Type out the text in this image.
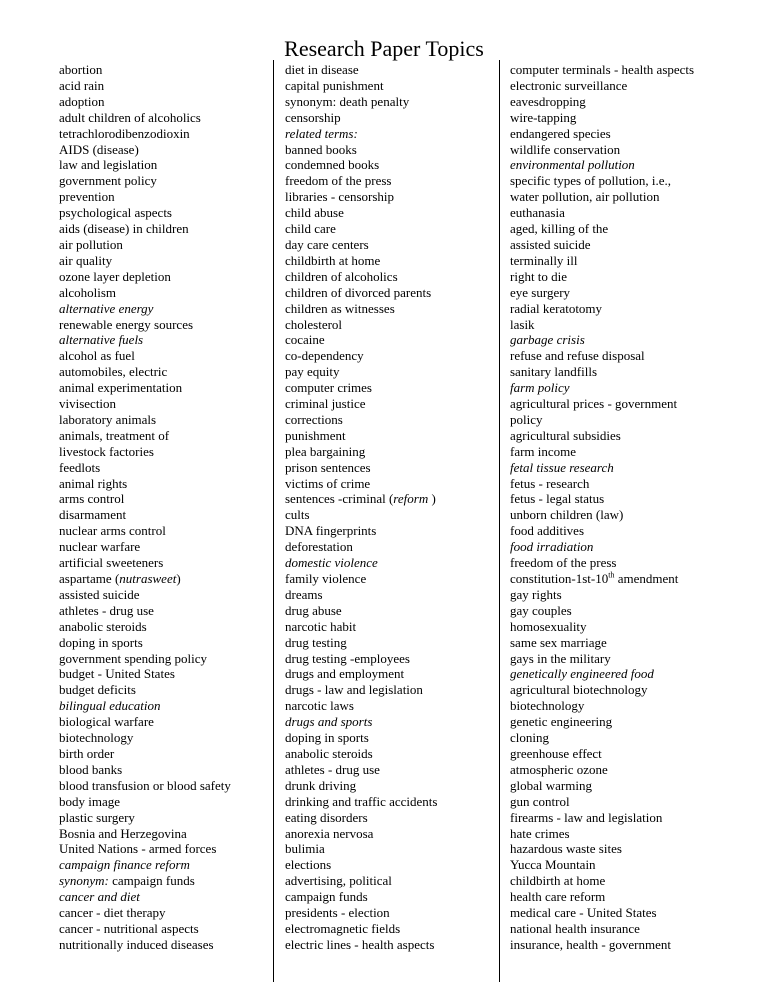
Research Paper Topics
abortion
acid rain
adoption
adult children of alcoholics
tetrachlorodibenzodioxin
AIDS (disease)
law and legislation
government policy
prevention
psychological aspects
aids (disease) in children
air pollution
air quality
ozone layer depletion
alcoholism
alternative energy
renewable energy sources
alternative fuels
alcohol as fuel
automobiles, electric
animal experimentation
vivisection
laboratory animals
animals, treatment of
livestock factories
feedlots
animal rights
arms control
disarmament
nuclear arms control
nuclear warfare
artificial sweeteners
aspartame (nutrasweet)
assisted suicide
athletes - drug use
anabolic steroids
doping in sports
government spending policy
budget - United States
budget deficits
bilingual education
biological warfare
biotechnology
birth order
blood banks
blood transfusion or blood safety
body image
plastic surgery
Bosnia and Herzegovina
United Nations - armed forces
campaign finance reform
synonym: campaign funds
cancer and diet
cancer - diet therapy
cancer - nutritional aspects
nutritionally induced diseases
diet in disease
capital punishment
synonym: death penalty
censorship
related terms:
banned books
condemned books
freedom of the press
libraries - censorship
child abuse
child care
day care centers
childbirth at home
children of alcoholics
children of divorced parents
children as witnesses
cholesterol
cocaine
co-dependency
pay equity
computer crimes
criminal justice
corrections
punishment
plea bargaining
prison sentences
victims of crime
sentences -criminal (reform )
cults
DNA fingerprints
deforestation
domestic violence
family violence
dreams
drug abuse
narcotic habit
drug testing
drug testing -employees
drugs and employment
drugs - law and legislation
narcotic laws
drugs and sports
doping in sports
anabolic steroids
athletes - drug use
drunk driving
drinking and traffic accidents
eating disorders
anorexia nervosa
bulimia
elections
advertising, political
campaign funds
presidents - election
electromagnetic fields
electric lines - health aspects
computer terminals - health aspects
electronic surveillance
eavesdropping
wire-tapping
endangered species
wildlife conservation
environmental pollution
specific types of pollution, i.e.,
water pollution, air pollution
euthanasia
aged, killing of the
assisted suicide
terminally ill
right to die
eye surgery
radial keratotomy
lasik
garbage crisis
refuse and refuse disposal
sanitary landfills
farm policy
agricultural prices - government
policy
agricultural subsidies
farm income
fetal tissue research
fetus - research
fetus - legal status
unborn children (law)
food additives
food irradiation
freedom of the press
constitution-1st-10th amendment
gay rights
gay couples
homosexuality
same sex marriage
gays in the military
genetically engineered food
agricultural biotechnology
biotechnology
genetic engineering
cloning
greenhouse effect
atmospheric ozone
global warming
gun control
firearms - law and legislation
hate crimes
hazardous waste sites
Yucca Mountain
childbirth at home
health care reform
medical care - United States
national health insurance
insurance, health - government
